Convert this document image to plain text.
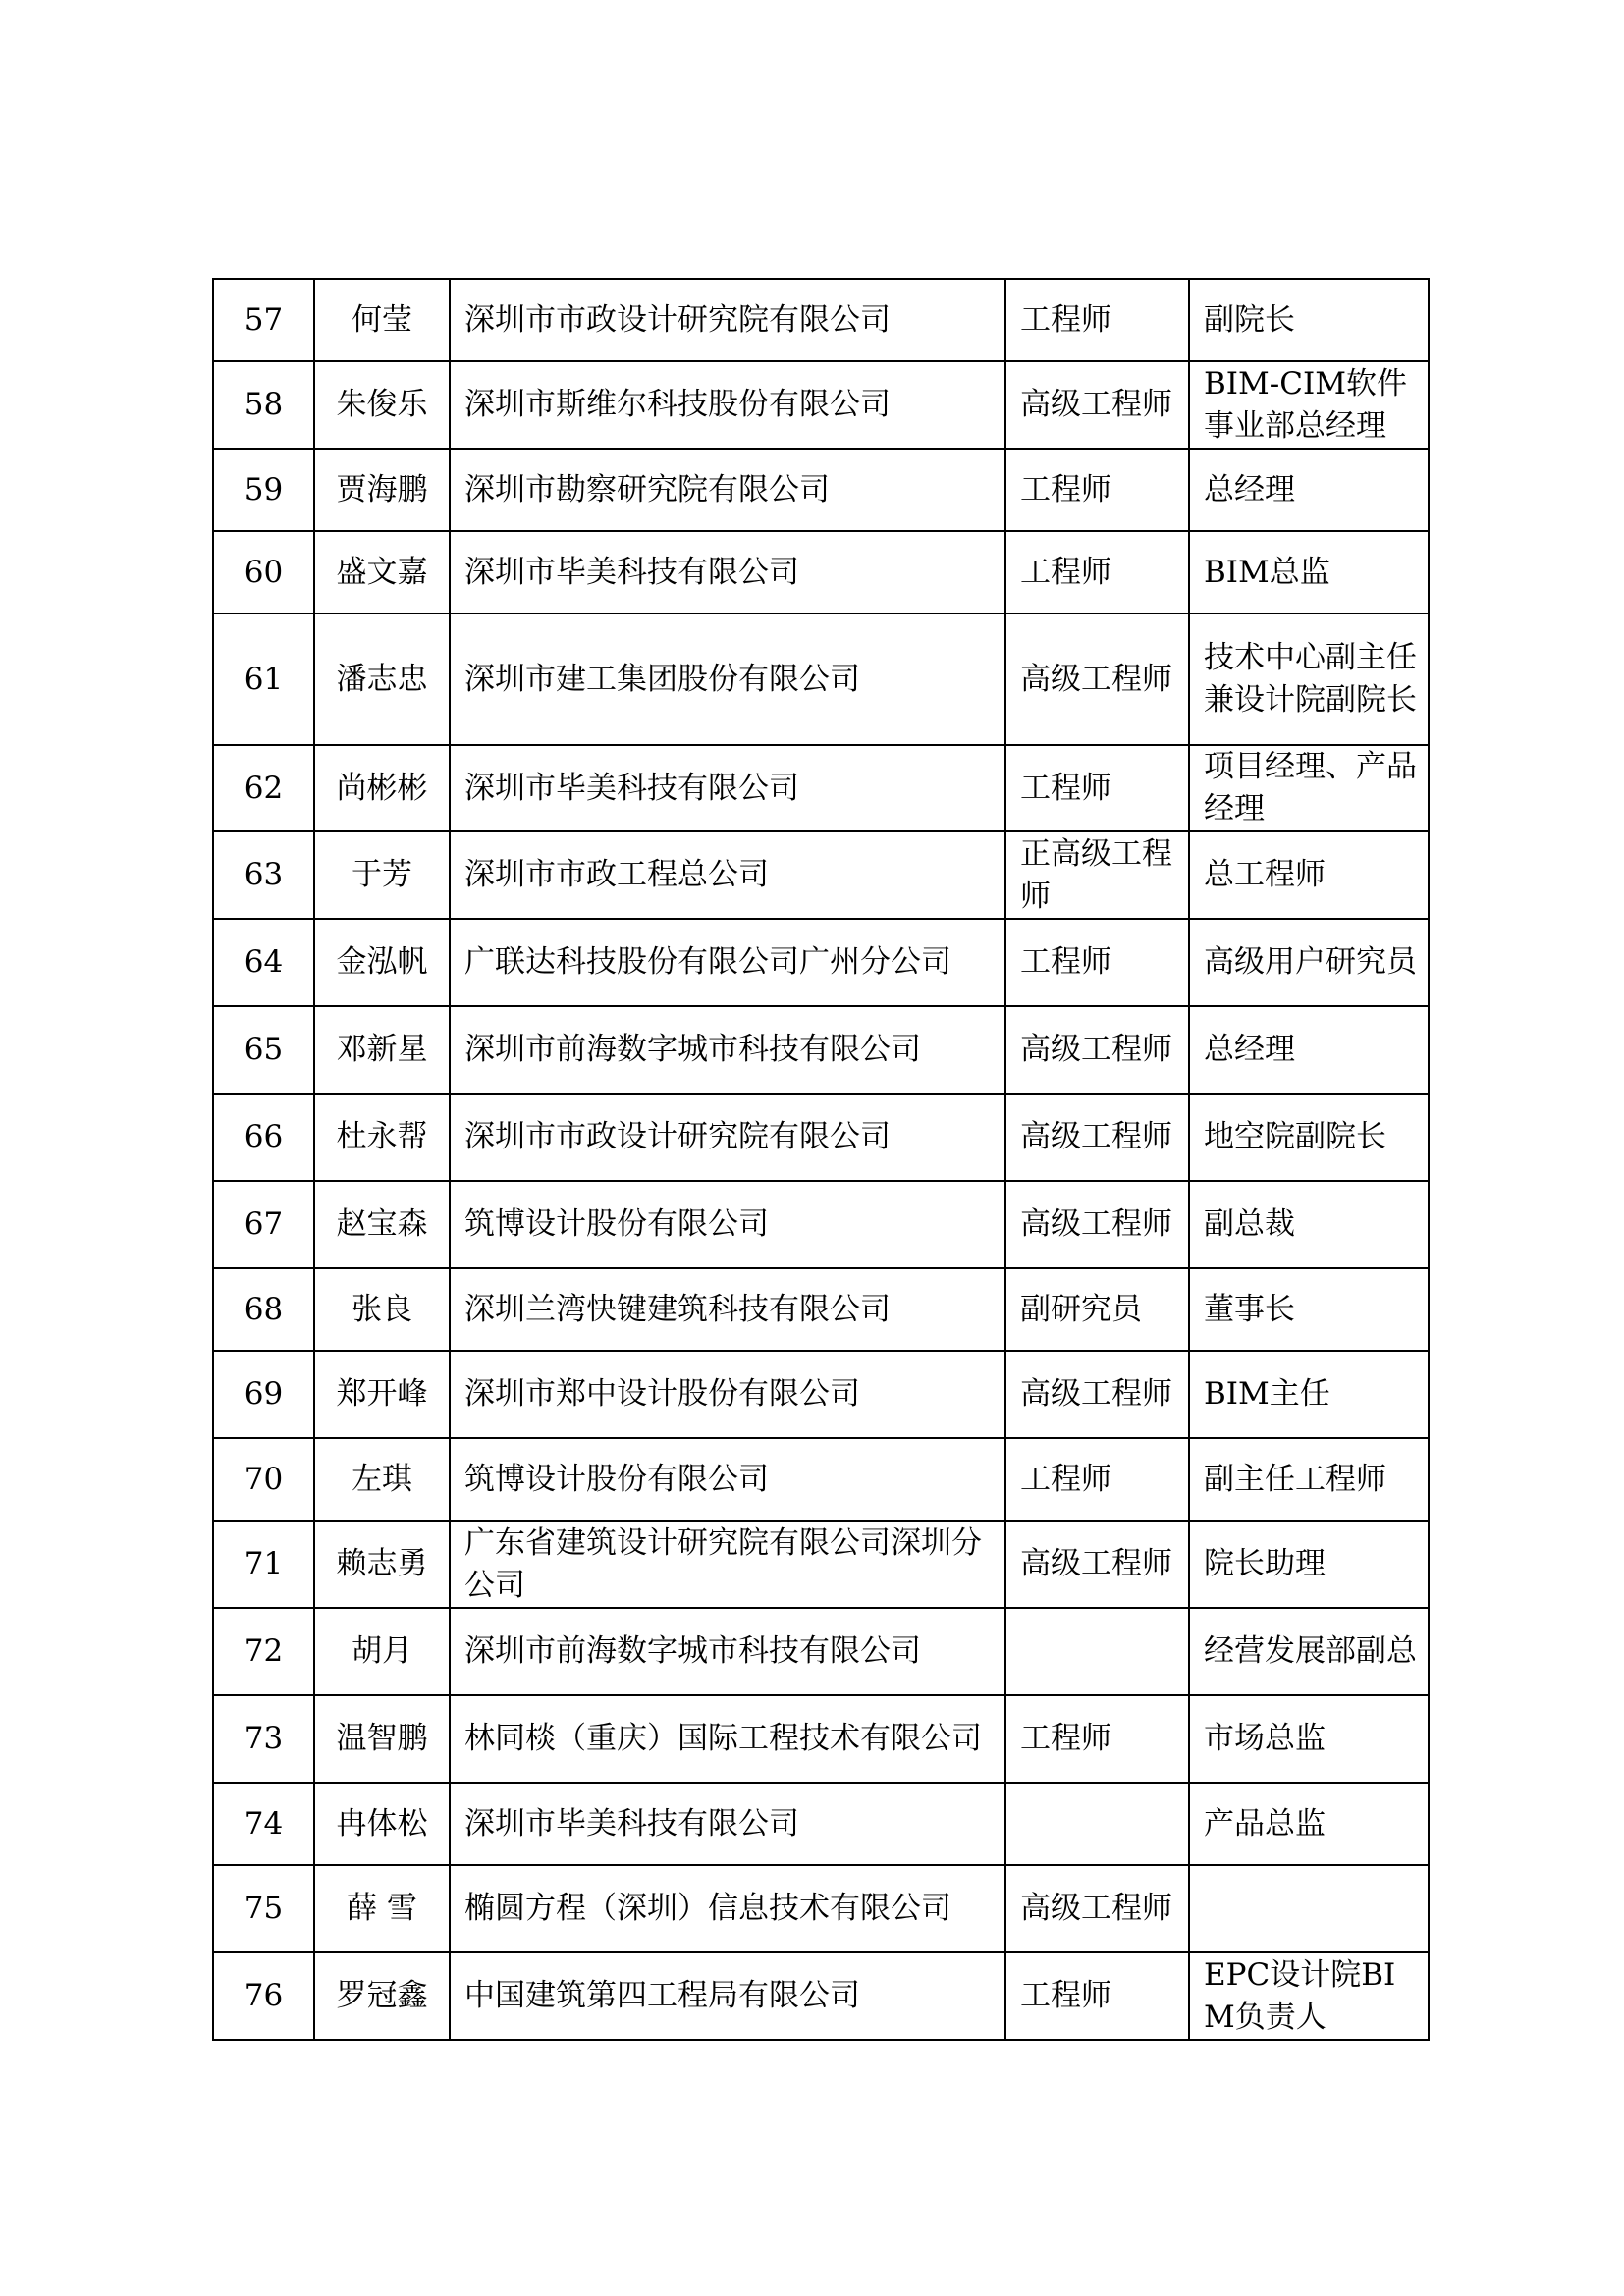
57	何莹	深圳市市政设计研究院有限公司	工程师	副院长
58	朱俊乐	深圳市斯维尔科技股份有限公司	高级工程师	BIM-CIM软件事业部总经理
59	贾海鹏	深圳市勘察研究院有限公司	工程师	总经理
60	盛文嘉	深圳市毕美科技有限公司	工程师	BIM总监
61	潘志忠	深圳市建工集团股份有限公司	高级工程师	技术中心副主任兼设计院副院长
62	尚彬彬	深圳市毕美科技有限公司	工程师	项目经理、产品经理
63	于芳	深圳市市政工程总公司	正高级工程师	总工程师
64	金泓帆	广联达科技股份有限公司广州分公司	工程师	高级用户研究员
65	邓新星	深圳市前海数字城市科技有限公司	高级工程师	总经理
66	杜永帮	深圳市市政设计研究院有限公司	高级工程师	地空院副院长
67	赵宝森	筑博设计股份有限公司	高级工程师	副总裁
68	张良	深圳兰湾快键建筑科技有限公司	副研究员	董事长
69	郑开峰	深圳市郑中设计股份有限公司	高级工程师	BIM主任
70	左琪	筑博设计股份有限公司	工程师	副主任工程师
71	赖志勇	广东省建筑设计研究院有限公司深圳分公司	高级工程师	院长助理
72	胡月	深圳市前海数字城市科技有限公司		经营发展部副总
73	温智鹏	林同棪（重庆）国际工程技术有限公司	工程师	市场总监
74	冉体松	深圳市毕美科技有限公司		产品总监
75	薛 雪	椭圆方程（深圳）信息技术有限公司	高级工程师	
76	罗冠鑫	中国建筑第四工程局有限公司	工程师	EPC设计院BIM负责人
